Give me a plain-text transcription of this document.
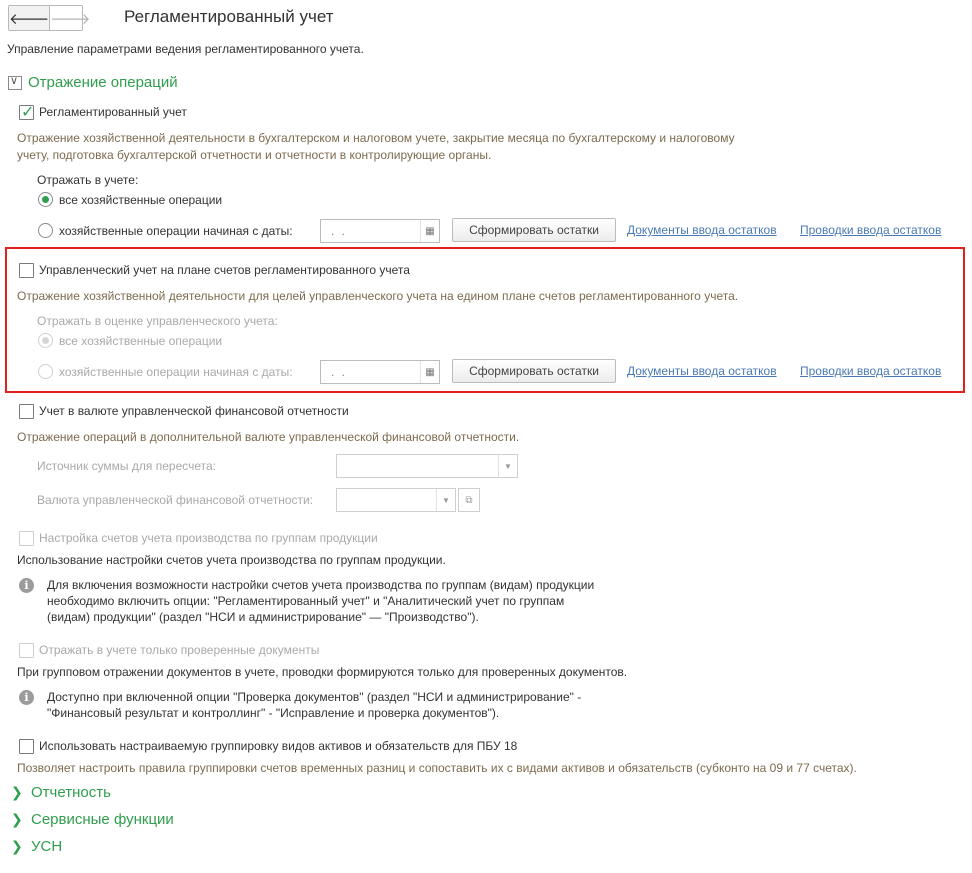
🡐 🡒 Регламентированный учет
Управление параметрами ведения регламентированного учета.
∨ Отражение операций
✓ Регламентированный учет
Отражение хозяйственной деятельности в бухгалтерском и налоговом учете, закрытие месяца по бухгалтерскому и налоговому
учету, подготовка бухгалтерской отчетности и отчетности в контролирующие органы.
Отражать в учете:
все хозяйственные операции
хозяйственные операции начиная с даты:	. .	▦	Сформировать остатки	Документы ввода остатков Проводки ввода остатков
Управленческий учет на плане счетов регламентированного учета
Отражение хозяйственной деятельности для целей управленческого учета на едином плане счетов регламентированного учета.
Отражать в оценке управленческого учета:
все хозяйственные операции
хозяйственные операции начиная с даты:	. .	▦	Сформировать остатки	Документы ввода остатков Проводки ввода остатков
Учет в валюте управленческой финансовой отчетности
Отражение операций в дополнительной валюте управленческой финансовой отчетности.
Источник суммы для пересчета:	▼
Валюта управленческой финансовой отчетности:	▼	⧉
Настройка счетов учета производства по группам продукции
Использование настройки счетов учета производства по группам продукции.
i	Для включения возможности настройки счетов учета производства по группам (видам) продукции
необходимо включить опции: "Регламентированный учет" и "Аналитический учет по группам
(видам) продукции" (раздел "НСИ и администрирование" — "Производство").
Отражать в учете только проверенные документы
При групповом отражении документов в учете, проводки формируются только для проверенных документов.
i	Доступно при включенной опции "Проверка документов" (раздел "НСИ и администрирование" -
"Финансовый результат и контроллинг" - "Исправление и проверка документов").
Использовать настраиваемую группировку видов активов и обязательств для ПБУ 18
Позволяет настроить правила группировки счетов временных разниц и сопоставить их с видами активов и обязательств (субконто на 09 и 77 счетах).
❯ Отчетность
❯ Сервисные функции
❯ УСН
